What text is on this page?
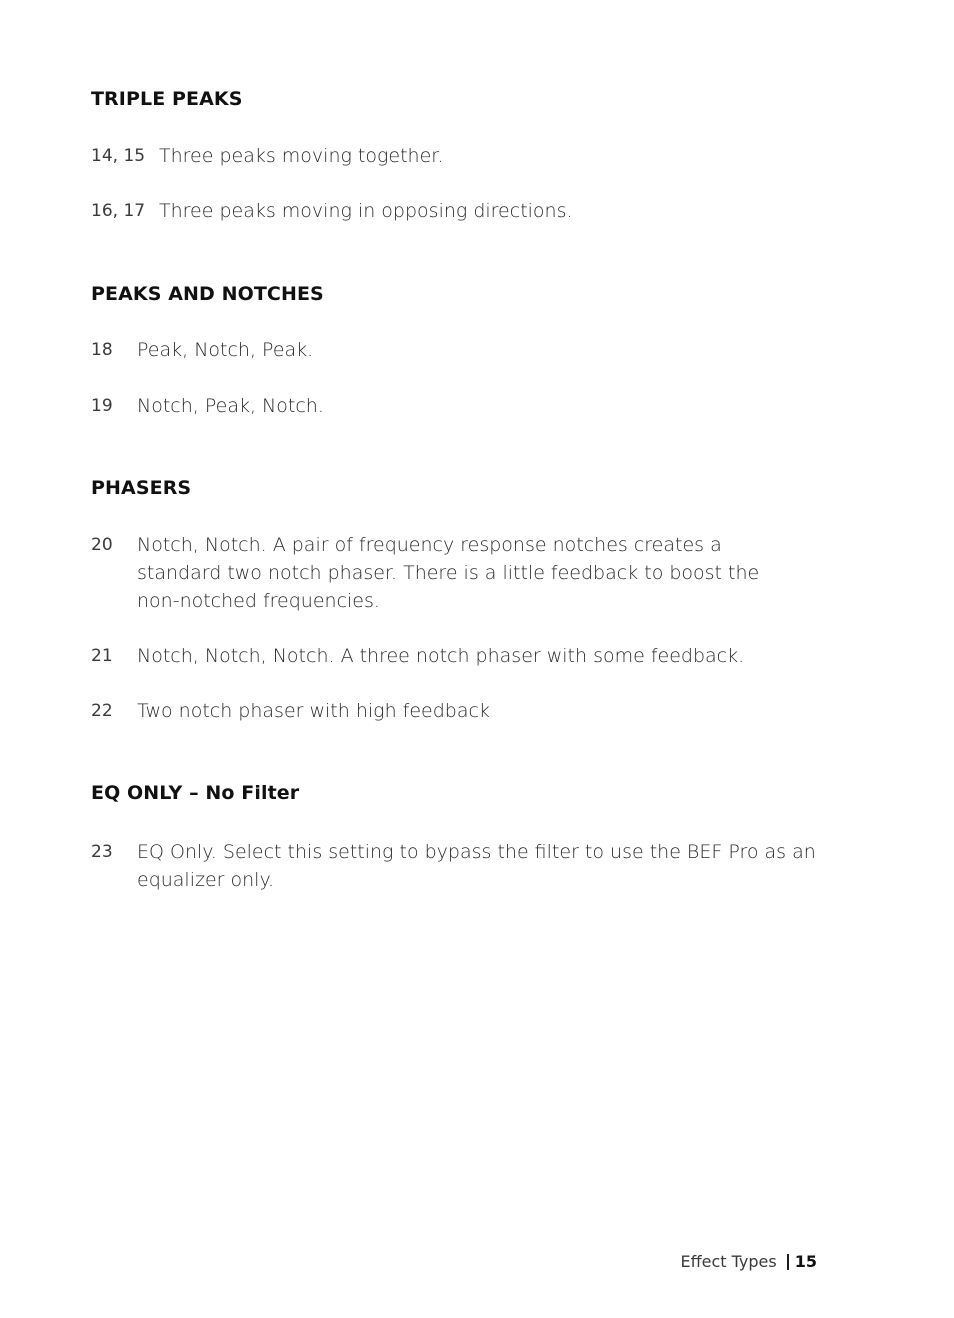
TRIPLE PEAKS
14, 15 Three peaks moving together.
16, 17 Three peaks moving in opposing directions.
PEAKS AND NOTCHES
18	Peak, Notch, Peak.
19	Notch, Peak, Notch.
PHASERS
20	Notch, Notch. A pair of frequency response notches creates a standard two notch phaser. There is a little feedback to boost the non-notched frequencies.
21	Notch, Notch, Notch. A three notch phaser with some feedback.
22	Two notch phaser with high feedback
EQ ONLY – No Filter
23	EQ Only. Select this setting to bypass the filter to use the BEF Pro as an equalizer only.
Effect Types 15
